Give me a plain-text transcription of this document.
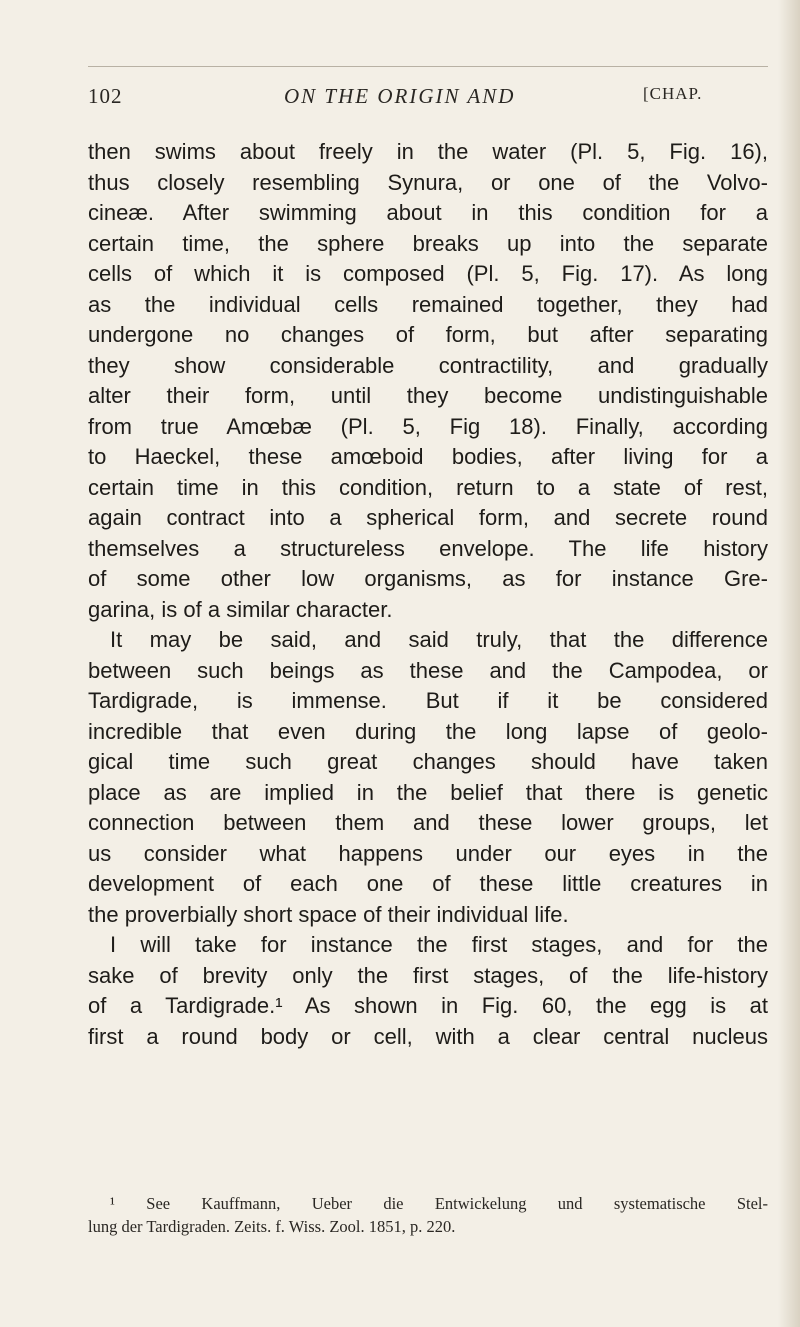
102	ON THE ORIGIN AND	[CHAP.
then swims about freely in the water (Pl. 5, Fig. 16),
thus closely resembling Synura, or one of the Volvo-
cineæ. After swimming about in this condition for a
certain time, the sphere breaks up into the separate
cells of which it is composed (Pl. 5, Fig. 17). As long
as the individual cells remained together, they had
undergone no changes of form, but after separating
they show considerable contractility, and gradually
alter their form, until they become undistinguishable
from true Amœbæ (Pl. 5, Fig 18). Finally, according
to Haeckel, these amœboid bodies, after living for a
certain time in this condition, return to a state of rest,
again contract into a spherical form, and secrete round
themselves a structureless envelope. The life history
of some other low organisms, as for instance Gre-
garina, is of a similar character.
It may be said, and said truly, that the difference
between such beings as these and the Campodea, or
Tardigrade, is immense. But if it be considered
incredible that even during the long lapse of geolo-
gical time such great changes should have taken
place as are implied in the belief that there is genetic
connection between them and these lower groups, let
us consider what happens under our eyes in the
development of each one of these little creatures in
the proverbially short space of their individual life.
I will take for instance the first stages, and for the
sake of brevity only the first stages, of the life-history
of a Tardigrade.¹ As shown in Fig. 60, the egg is at
first a round body or cell, with a clear central nucleus
¹ See Kauffmann, Ueber die Entwickelung und systematische Stel-
lung der Tardigraden. Zeits. f. Wiss. Zool. 1851, p. 220.
